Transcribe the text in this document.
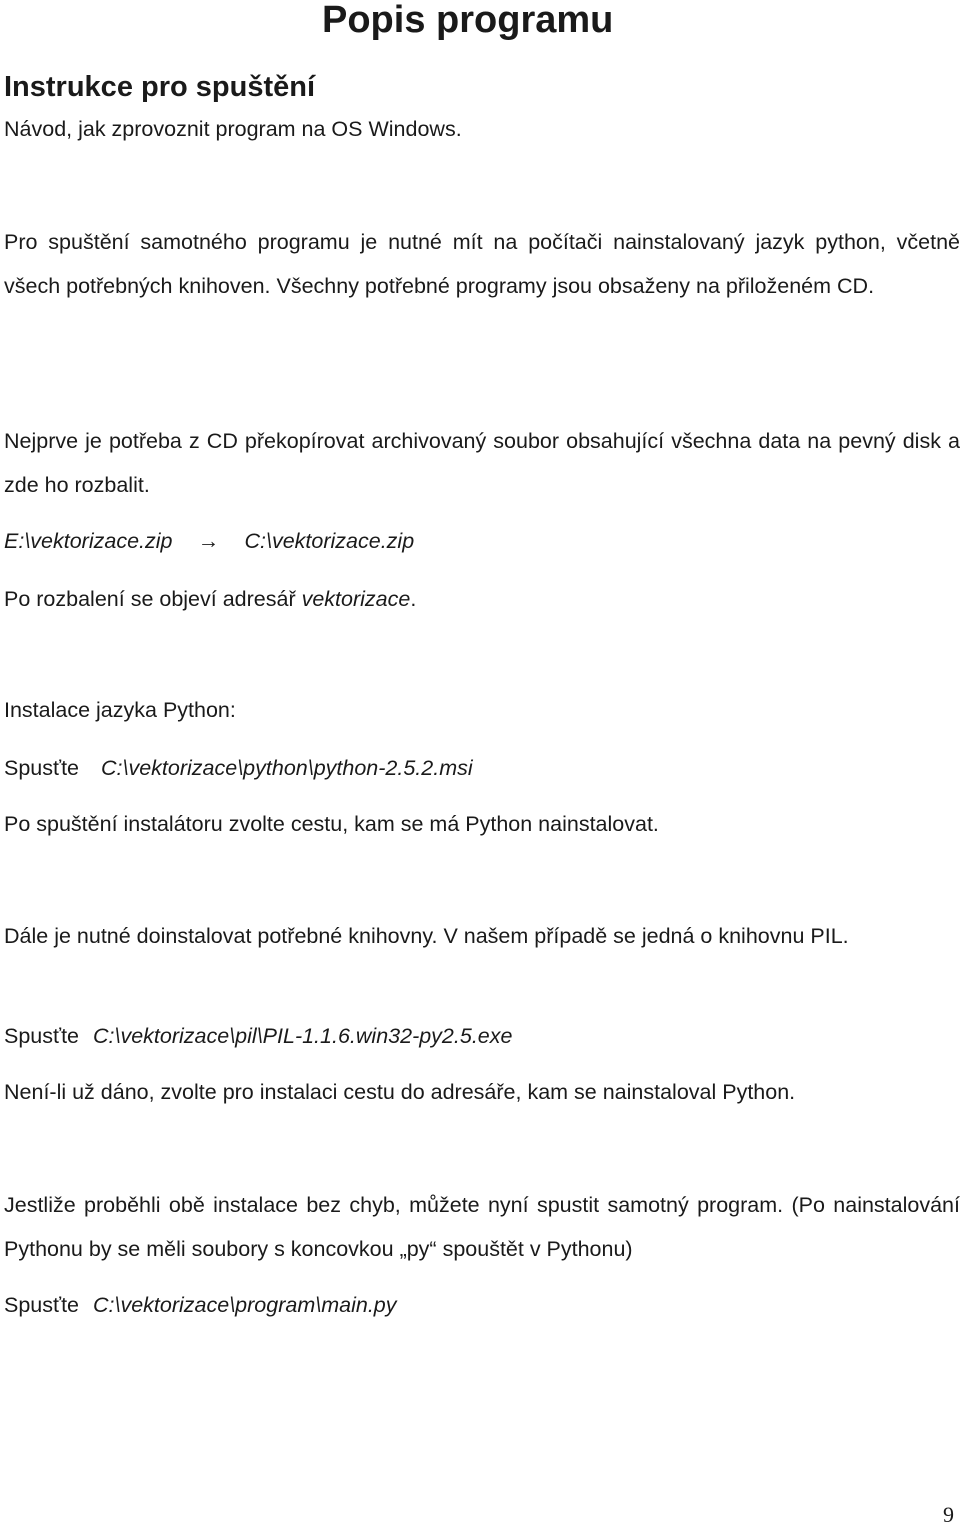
Popis programu
Instrukce pro spuštění

Návod, jak zprovoznit program na OS Windows.

Pro spuštění samotného programu je nutné mít na počítači nainstalovaný jazyk python, včetně všech potřebných knihoven. Všechny potřebné programy jsou obsaženy na přiloženém CD.

Nejprve je potřeba z CD překopírovat archivovaný soubor obsahující všechna data na pevný disk a zde ho rozbalit.

E:\vektorizace.zip → C:\vektorizace.zip

Po rozbalení se objeví adresář vektorizace.

Instalace jazyka Python:

Spusťte C:\vektorizace\python\python-2.5.2.msi

Po spuštění instalátoru zvolte cestu, kam se má Python nainstalovat.

Dále je nutné doinstalovat potřebné knihovny. V našem případě se jedná o knihovnu PIL.

Spusťte C:\vektorizace\pil\PIL-1.1.6.win32-py2.5.exe

Není-li už dáno, zvolte pro instalaci cestu do adresáře, kam se nainstaloval Python.

Jestliže proběhli obě instalace bez chyb, můžete nyní spustit samotný program. (Po nainstalování Pythonu by se měli soubory s koncovkou „py“ spouštět v Pythonu)

Spusťte C:\vektorizace\program\main.py

9
